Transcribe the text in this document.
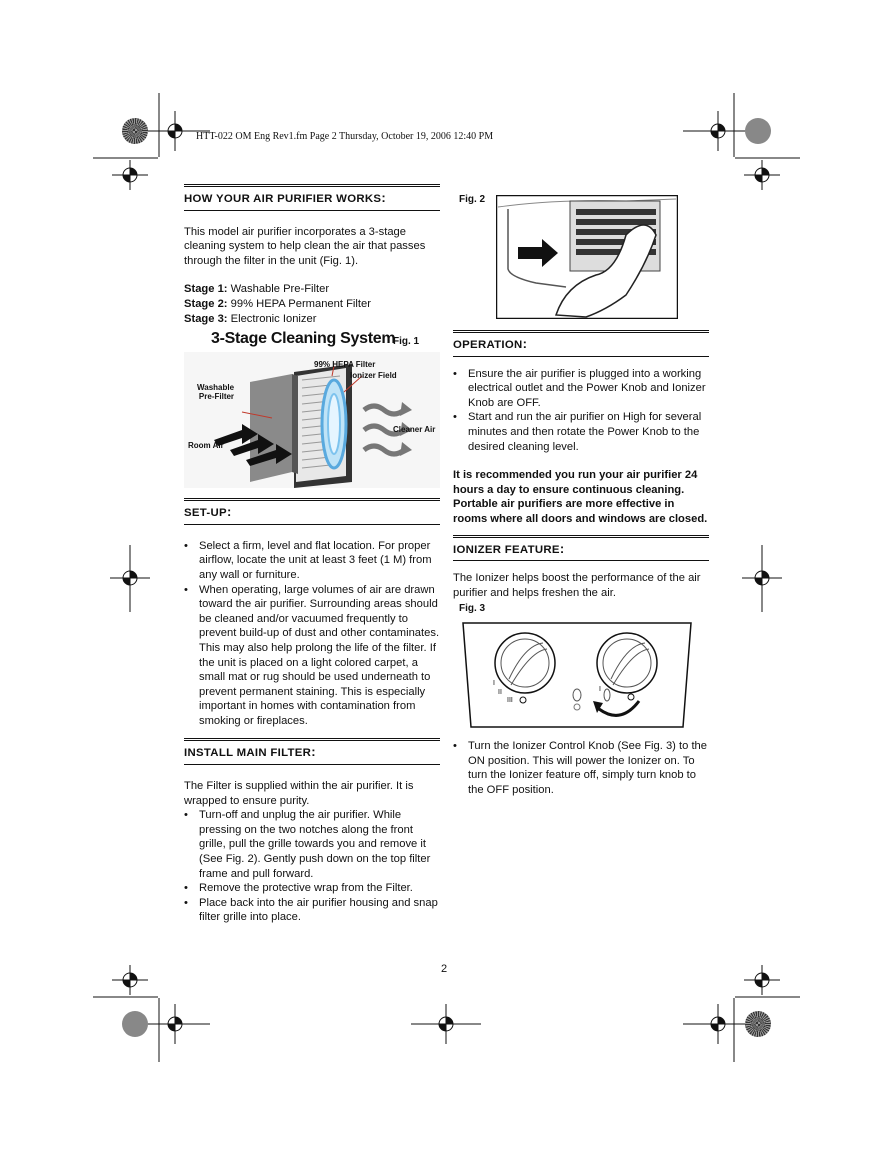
HTT-022 OM Eng Rev1.fm Page 2 Thursday, October 19, 2006 12:40 PM
HOW YOUR AIR PURIFIER WORKS:

This model air purifier incorporates a 3-stage cleaning system to help clean the air that passes through the filter in the unit (Fig. 1).

Stage 1: Washable Pre-Filter
Stage 2: 99% HEPA Permanent Filter
Stage 3: Electronic Ionizer
3-Stage Cleaning System
Fig. 1
99% HEPA Filter
Ionizer Field
Washable
Pre-Filter
Cleaner Air
Room Air
SET-UP:
• Select a firm, level and flat location. For proper airflow, locate the unit at least 3 feet (1 M) from any wall or furniture.
• When operating, large volumes of air are drawn toward the air purifier. Surrounding areas should be cleaned and/or vacuumed frequently to prevent build-up of dust and other contaminates. This may also help prolong the life of the filter. If the unit is placed on a light colored carpet, a small mat or rug should be used underneath to prevent permanent staining. This is especially important in homes with contamination from smoking or fireplaces.
INSTALL MAIN FILTER:

The Filter is supplied within the air purifier. It is wrapped to ensure purity.

• Turn-off and unplug the air purifier. While pressing on the two notches along the front grille, pull the grille towards you and remove it (See Fig. 2). Gently push down on the top filter frame and pull forward.
• Remove the protective wrap from the Filter.
• Place back into the air purifier housing and snap filter grille into place.
Fig. 2
OPERATION:
• Ensure the air purifier is plugged into a working electrical outlet and the Power Knob and Ionizer Knob are OFF.
• Start and run the air purifier on High for several minutes and then rotate the Power Knob to the desired cleaning level.

It is recommended you run your air purifier 24 hours a day to ensure continuous cleaning. Portable air purifiers are more effective in rooms where all doors and windows are closed.

IONIZER FEATURE:

The Ionizer helps boost the performance of the air purifier and helps freshen the air.

Fig. 3
I
II
III
I
• Turn the Ionizer Control Knob (See Fig. 3) to the ON position. This will power the Ionizer on. To turn the Ionizer feature off, simply turn knob to the OFF position.
2
